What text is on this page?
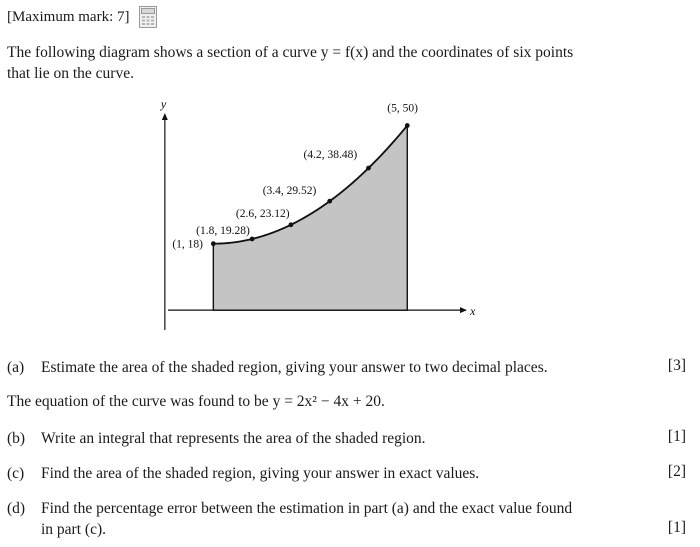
[Maximum mark: 7]
The following diagram shows a section of a curve y = f(x) and the coordinates of six points
that lie on the curve.
x
y
(1, 18)
(1.8, 19.28)
(2.6, 23.12)
(3.4, 29.52)
(4.2, 38.48)
(5, 50)
(a) Estimate the area of the shaded region, giving your answer to two decimal places.	[3]
The equation of the curve was found to be y = 2x² − 4x + 20.
(b) Write an integral that represents the area of the shaded region.	[1]
(c) Find the area of the shaded region, giving your answer in exact values.	[2]
(d) Find the percentage error between the estimation in part (a) and the exact value found
in part (c).	[1]
